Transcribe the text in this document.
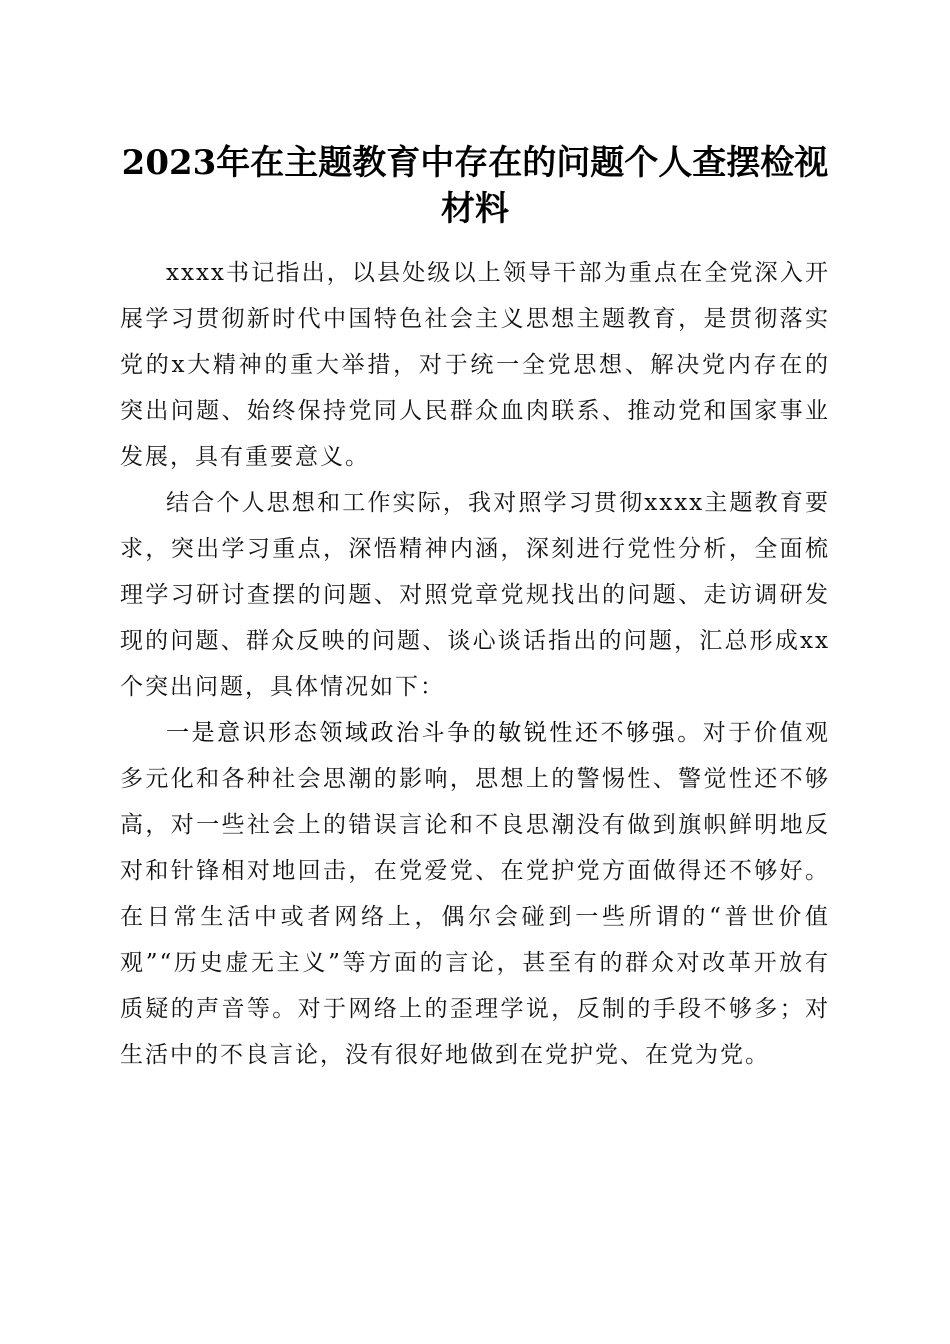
2023年在主题教育中存在的问题个人查摆检视材料

xxxx书记指出，以县处级以上领导干部为重点在全党深入开展学习贯彻新时代中国特色社会主义思想主题教育，是贯彻落实党的x大精神的重大举措，对于统一全党思想、解决党内存在的突出问题、始终保持党同人民群众血肉联系、推动党和国家事业发展，具有重要意义。

结合个人思想和工作实际，我对照学习贯彻xxxx主题教育要求，突出学习重点，深悟精神内涵，深刻进行党性分析，全面梳理学习研讨查摆的问题、对照党章党规找出的问题、走访调研发现的问题、群众反映的问题、谈心谈话指出的问题，汇总形成xx个突出问题，具体情况如下：

一是意识形态领域政治斗争的敏锐性还不够强。对于价值观多元化和各种社会思潮的影响，思想上的警惕性、警觉性还不够高，对一些社会上的错误言论和不良思潮没有做到旗帜鲜明地反对和针锋相对地回击，在党爱党、在党护党方面做得还不够好。在日常生活中或者网络上，偶尔会碰到一些所谓的“普世价值观”“历史虚无主义”等方面的言论，甚至有的群众对改革开放有质疑的声音等。对于网络上的歪理学说，反制的手段不够多；对生活中的不良言论，没有很好地做到在党护党、在党为党。
